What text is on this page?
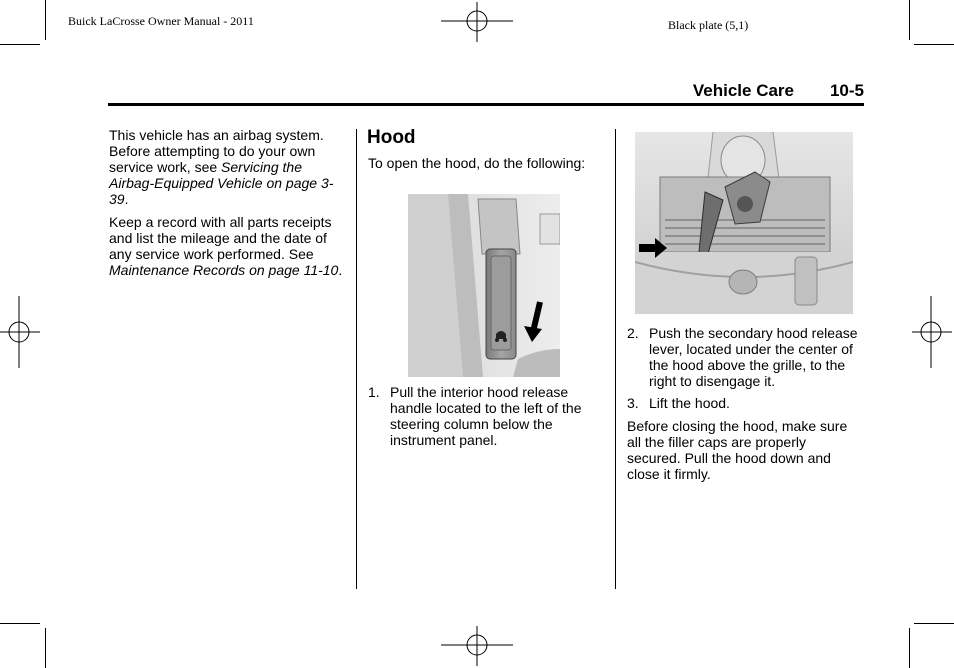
Buick LaCrosse Owner Manual - 2011	Black plate (5,1)
Vehicle Care 10-5
This vehicle has an airbag system. Before attempting to do your own service work, see Servicing the Airbag-Equipped Vehicle on page 3-39.
Keep a record with all parts receipts and list the mileage and the date of any service work performed. See Maintenance Records on page 11-10.
Hood
To open the hood, do the following:
1. Pull the interior hood release handle located to the left of the steering column below the instrument panel.
2. Push the secondary hood release lever, located under the center of the hood above the grille, to the right to disengage it.
3. Lift the hood.
Before closing the hood, make sure all the filler caps are properly secured. Pull the hood down and close it firmly.
